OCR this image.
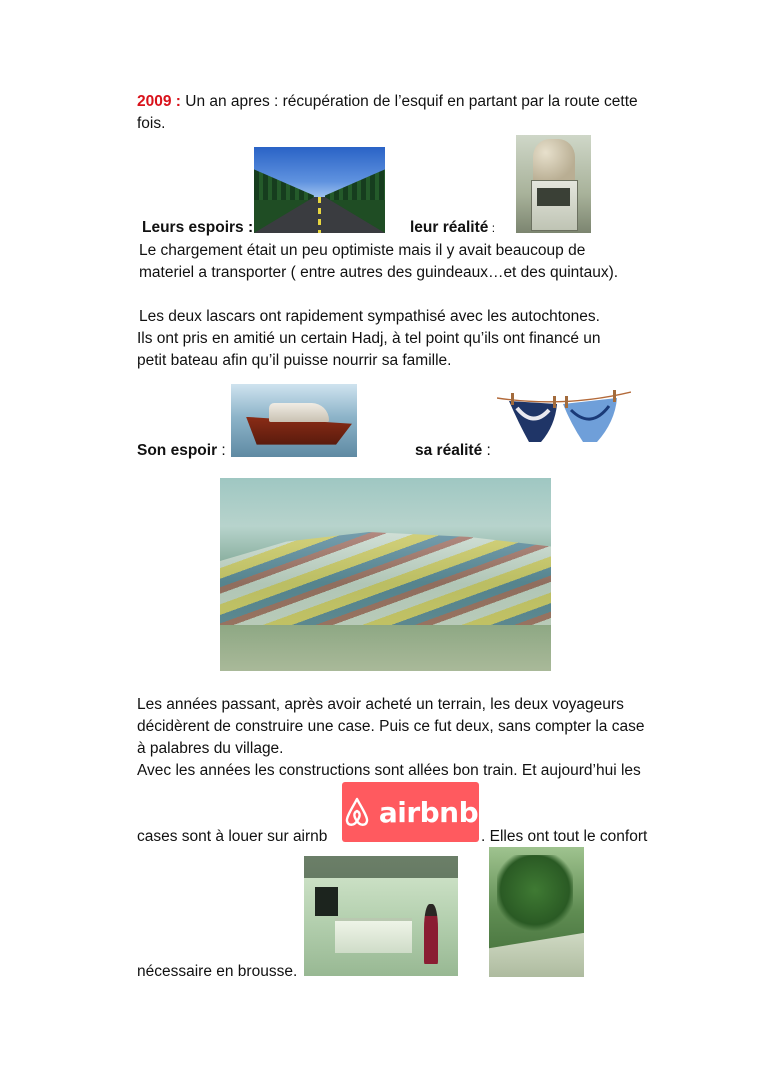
2009 : Un an apres : récupération de l’esquif en partant par la route cette
fois.
Leurs espoirs :	leur réalité :
Le chargement était un peu optimiste mais il y avait beaucoup de
materiel a transporter ( entre autres des guindeaux…et des quintaux).
Les deux lascars ont rapidement sympathisé avec les autochtones.
Ils ont pris en amitié un certain Hadj, à tel point qu’ils ont financé un
petit bateau afin qu’il puisse nourrir sa famille.
Son espoir :	sa réalité :
Les années passant, après avoir acheté un terrain, les deux voyageurs
décidèrent de construire une case. Puis ce fut deux, sans compter la case
à palabres du village.
Avec les années les constructions sont allées bon train. Et aujourd’hui les
airbnb
cases sont à louer sur airnb	. Elles ont tout le confort
nécessaire en brousse.
